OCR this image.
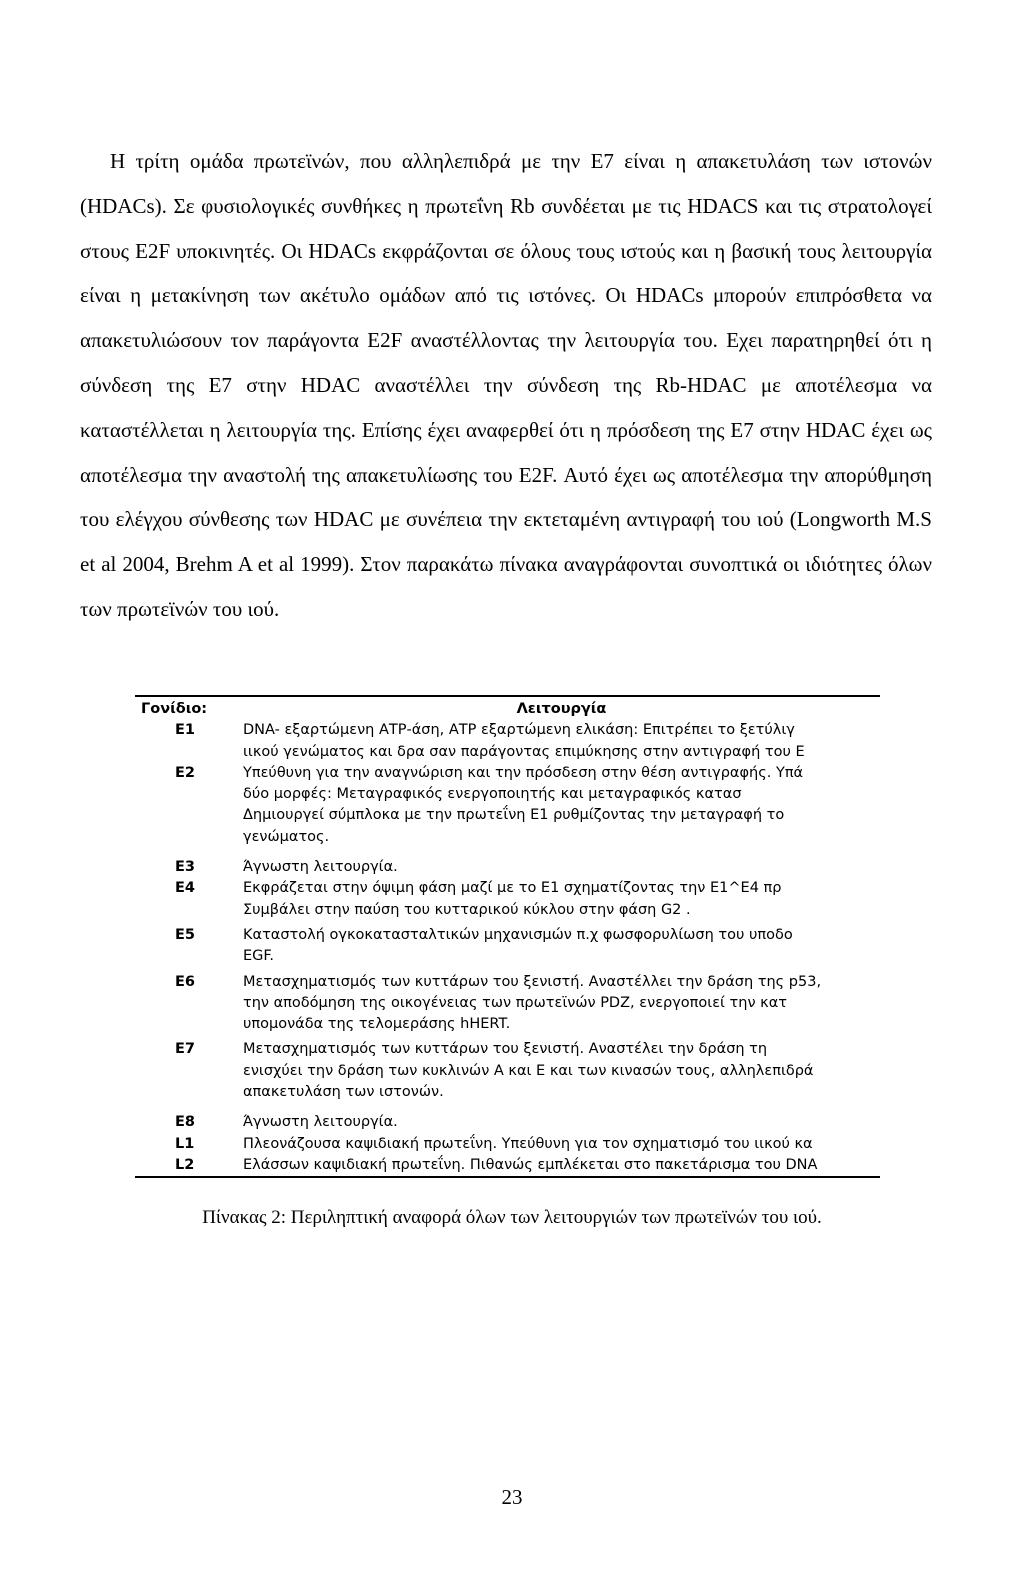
Η τρίτη ομάδα πρωτεϊνών, που αλληλεπιδρά με την Ε7 είναι η απακετυλάση των ιστονών (HDACs). Σε φυσιολογικές συνθήκες η πρωτεΐνη Rb συνδέεται με τις HDACS και τις στρατολογεί στους E2F υποκινητές. Οι HDACs εκφράζονται σε όλους τους ιστούς και η βασική τους λειτουργία είναι η μετακίνηση των ακέτυλο ομάδων από τις ιστόνες. Οι HDACs μπορούν επιπρόσθετα να απακετυλιώσουν τον παράγοντα E2F αναστέλλοντας την λειτουργία του. Εχει παρατηρηθεί ότι η σύνδεση της Ε7 στην HDAC αναστέλλει την σύνδεση της Rb-HDAC με αποτέλεσμα να καταστέλλεται η λειτουργία της. Επίσης έχει αναφερθεί ότι η πρόσδεση της Ε7 στην HDAC έχει ως αποτέλεσμα την αναστολή της απακετυλίωσης του E2F. Αυτό έχει ως αποτέλεσμα την απορύθμηση του ελέγχου σύνθεσης των HDAC με συνέπεια την εκτεταμένη αντιγραφή του ιού (Longworth M.S et al 2004, Brehm A et al 1999). Στον παρακάτω πίνακα αναγράφονται συνοπτικά οι ιδιότητες όλων των πρωτεϊνών του ιού.

Γονίδιο:	Λειτουργία
E1	DNA- εξαρτώμενη ΑΤΡ-άση, ΑΤΡ εξαρτώμενη ελικάση: Επιτρέπει το ξετύλιγ
ιικού γενώματος και δρα σαν παράγοντας επιμύκησης στην αντιγραφή του Ε
E2	Υπεύθυνη για την αναγνώριση και την πρόσδεση στην θέση αντιγραφής. Υπά
δύο μορφές: Μεταγραφικός ενεργοποιητής και μεταγραφικός κατασ
Δημιουργεί σύμπλοκα με την πρωτεΐνη Ε1 ρυθμίζοντας την μεταγραφή το
γενώματος.
E3	Άγνωστη λειτουργία.
E4	Εκφράζεται στην όψιμη φάση μαζί με το Ε1 σχηματίζοντας την Ε1^Ε4 πρ
Συμβάλει στην παύση του κυτταρικού κύκλου στην φάση G2 .
E5	Καταστολή ογκοκατασταλτικών μηχανισμών π.χ φωσφορυλίωση του υποδο
EGF.
E6	Μετασχηματισμός των κυττάρων του ξενιστή. Αναστέλλει την δράση της p53,
την αποδόμηση της οικογένειας των πρωτεϊνών PDZ, ενεργοποιεί την κατ
υπομονάδα της τελομεράσης hHERT.
E7	Μετασχηματισμός των κυττάρων του ξενιστή. Αναστέλει την δράση τη
ενισχύει την δράση των κυκλινών Α και Ε και των κινασών τους, αλληλεπιδρά
απακετυλάση των ιστονών.
E8	Άγνωστη λειτουργία.
L1	Πλεονάζουσα καψιδιακή πρωτεΐνη. Υπεύθυνη για τον σχηματισμό του ιικού κα
L2	Ελάσσων καψιδιακή πρωτεΐνη. Πιθανώς εμπλέκεται στο πακετάρισμα του DNA
Πίνακας 2: Περιληπτική αναφορά όλων των λειτουργιών των πρωτεϊνών του ιού.
23
